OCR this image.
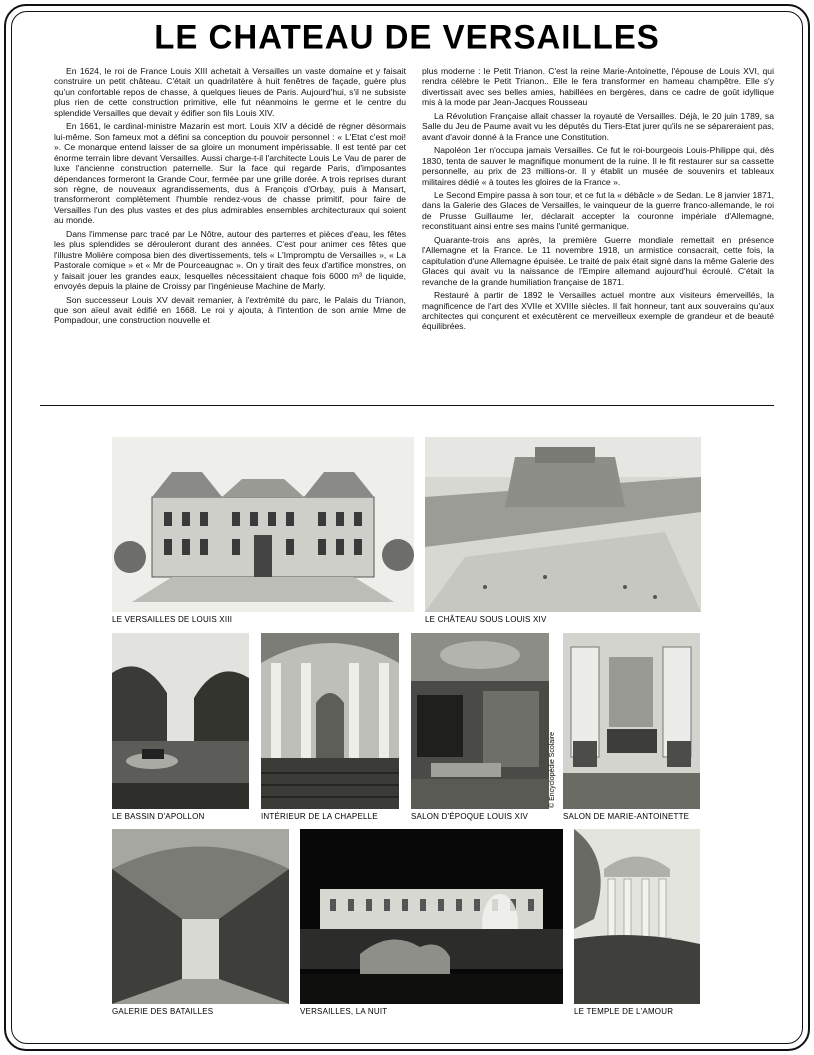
LE CHATEAU DE VERSAILLES

En 1624, le roi de France Louis XIII achetait à Versailles un vaste domaine et y faisait construire un petit château. C'était un quadrilatère à huit fenêtres de façade, guère plus qu'un confortable repos de chasse, à quelques lieues de Paris. Aujourd'hui, s'il ne subsiste plus rien de cette construction primitive, elle fut néanmoins le germe et le centre du splendide Versailles que devait y édifier son fils Louis XIV.

En 1661, le cardinal-ministre Mazarin est mort. Louis XIV a décidé de régner désormais lui-même. Son fameux mot a défini sa conception du pouvoir personnel : « L'Etat c'est moi! ». Ce monarque entend laisser de sa gloire un monument impérissable. Il est tenté par cet énorme terrain libre devant Versailles. Aussi charge-t-il l'architecte Louis Le Vau de parer de luxe l'ancienne construction paternelle. Sur la face qui regarde Paris, d'imposantes dépendances formeront la Grande Cour, fermée par une grille dorée. A trois reprises durant son règne, de nouveaux agrandissements, dus à François d'Orbay, puis à Mansart, transformeront complètement l'humble rendez-vous de chasse primitif, pour faire de Versailles l'un des plus vastes et des plus admirables ensembles architecturaux qui soient au monde.

Dans l'immense parc tracé par Le Nôtre, autour des parterres et pièces d'eau, les fêtes les plus splendides se dérouleront durant des années. C'est pour animer ces fêtes que l'illustre Molière composa bien des divertissements, tels « L'Impromptu de Versailles », « La Pastorale comique » et « Mr de Pourceaugnac ». On y tirait des feux d'artifice monstres, on y faisait jouer les grandes eaux, lesquelles nécessitaient chaque fois 6000 m³ de liquide, envoyés depuis la plaine de Croissy par l'ingénieuse Machine de Marly.

Son successeur Louis XV devait remanier, à l'extrémité du parc, le Palais du Trianon, que son aïeul avait édifié en 1668. Le roi y ajouta, à l'intention de son amie Mme de Pompadour, une construction nouvelle et

plus moderne : le Petit Trianon. C'est la reine Marie-Antoinette, l'épouse de Louis XVI, qui rendra célèbre le Petit Trianon.. Elle le fera transformer en hameau champêtre. Elle s'y divertissait avec ses belles amies, habillées en bergères, dans ce cadre de goût idyllique mis à la mode par Jean-Jacques Rousseau

La Révolution Française allait chasser la royauté de Versailles. Déjà, le 20 juin 1789, sa Salle du Jeu de Paume avait vu les députés du Tiers-Etat jurer qu'ils ne se sépareraient pas, avant d'avoir donné à la France une Constitution.

Napoléon 1er n'occupa jamais Versailles. Ce fut le roi-bourgeois Louis-Philippe qui, dès 1830, tenta de sauver le magnifique monument de la ruine. Il le fit restaurer sur sa cassette personnelle, au prix de 23 millions-or. Il y établit un musée de souvenirs et tableaux militaires dédié « à toutes les gloires de la France ».

Le Second Empire passa à son tour, et ce fut la « débâcle » de Sedan. Le 8 janvier 1871, dans la Galerie des Glaces de Versailles, le vainqueur de la guerre franco-allemande, le roi de Prusse Guillaume Ier, déclarait accepter la couronne impériale d'Allemagne, reconstituant ainsi entre ses mains l'unité germanique.

Quarante-trois ans après, la première Guerre mondiale remettait en présence l'Allemagne et la France. Le 11 novembre 1918, un armistice consacrait, cette fois, la capitulation d'une Allemagne épuisée. Le traité de paix était signé dans la même Galerie des Glaces qui avait vu la naissance de l'Empire allemand aujourd'hui écroulé. C'était la revanche de la grande humiliation française de 1871.

Restauré à partir de 1892 le Versailles actuel montre aux visiteurs émerveillés, la magnificence de l'art des XVIIe et XVIIIe siècles. Il fait honneur, tant aux souverains qu'aux architectes qui conçurent et exécutèrent ce merveilleux exemple de grandeur et de beauté équilibrées.

LE VERSAILLES DE LOUIS XIII	LE CHÂTEAU SOUS LOUIS XIV
LE BASSIN D'APOLLON	INTÉRIEUR DE LA CHAPELLE
© Encyclopédie Scolaire
SALON D'ÉPOQUE LOUIS XIV	SALON DE MARIE-ANTOINETTE
GALERIE DES BATAILLES	VERSAILLES, LA NUIT	LE TEMPLE DE L'AMOUR
